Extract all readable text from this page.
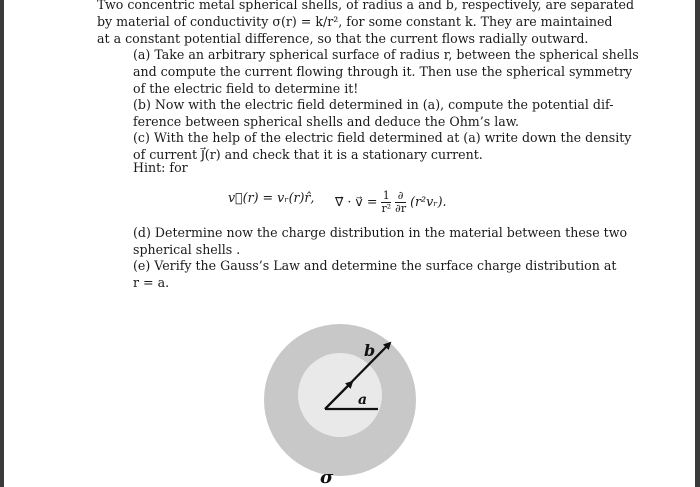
Two concentric metal spherical shells, of radius a and b, respectively, are separated
by material of conductivity σ(r) = k/r², for some constant k. They are maintained
at a constant potential difference, so that the current flows radially outward.

(a) Take an arbitrary spherical surface of radius r, between the spherical shells
and compute the current flowing through it. Then use the spherical symmetry
of the electric field to determine it!

(b) Now with the electric field determined in (a), compute the potential dif-
ference between spherical shells and deduce the Ohm’s law.

(c) With the help of the electric field determined at (a) write down the density
of current J⃗(r) and check that it is a stationary current.

Hint: for

v⃗(r) = vᵣ(r)r̂, ∇⃗ · v⃗ = $\frac{1}{\text{r²}}$
$\frac{\partial}{\partial r}$ (r²vᵣ).

(d) Determine now the charge distribution in the material between these two
spherical shells .

(e) Verify the Gauss’s Law and determine the surface charge distribution at
r = a.

b
a
σ
